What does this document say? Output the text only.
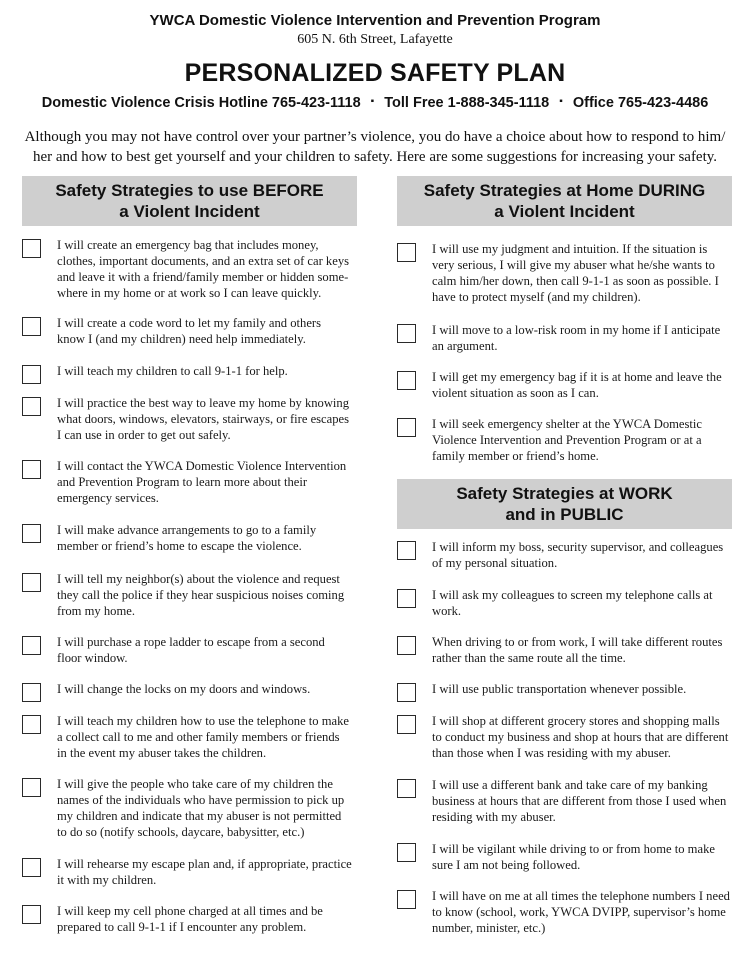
YWCA Domestic Violence Intervention and Prevention Program
605 N. 6th Street, Lafayette
PERSONALIZED SAFETY PLAN
Domestic Violence Crisis Hotline 765-423-1118 ▪ Toll Free 1-888-345-1118 ▪ Office 765-423-4486
Although you may not have control over your partner’s violence, you do have a choice about how to respond to him/ her and how to best get yourself and your children to safety. Here are some suggestions for increasing your safety.
Safety Strategies to use BEFORE
a Violent Incident
I will create an emergency bag that includes money, clothes, important documents, and an extra set of car keys and leave it with a friend/family member or hidden some-where in my home or at work so I can leave quickly.
I will create a code word to let my family and others know I (and my children) need help immediately.
I will teach my children to call 9-1-1 for help.
I will practice the best way to leave my home by knowing what doors, windows, elevators, stairways, or fire escapes I can use in order to get out safely.
I will contact the YWCA Domestic Violence Intervention and Prevention Program to learn more about their emergency services.
I will make advance arrangements to go to a family member or friend’s home to escape the violence.
I will tell my neighbor(s) about the violence and request they call the police if they hear suspicious noises coming from my home.
I will purchase a rope ladder to escape from a second floor window.
I will change the locks on my doors and windows.
I will teach my children how to use the telephone to make a collect call to me and other family members or friends in the event my abuser takes the children.
I will give the people who take care of my children the names of the individuals who have permission to pick up my children and indicate that my abuser is not permitted to do so (notify schools, daycare, babysitter, etc.)
I will rehearse my escape plan and, if appropriate, practice it with my children.
I will keep my cell phone charged at all times and be prepared to call 9-1-1 if I encounter any problem.
Safety Strategies at Home DURING
a Violent Incident
I will use my judgment and intuition. If the situation is very serious, I will give my abuser what he/she wants to calm him/her down, then call 9-1-1 as soon as possible. I have to protect myself (and my children).
I will move to a low-risk room in my home if I anticipate an argument.
I will get my emergency bag if it is at home and leave the violent situation as soon as I can.
I will seek emergency shelter at the YWCA Domestic Violence Intervention and Prevention Program or at a family member or friend’s home.
Safety Strategies at WORK
and in PUBLIC
I will inform my boss, security supervisor, and colleagues of my personal situation.
I will ask my colleagues to screen my telephone calls at work.
When driving to or from work, I will take different routes rather than the same route all the time.
I will use public transportation whenever possible.
I will shop at different grocery stores and shopping malls to conduct my business and shop at hours that are different than those when I was residing with my abuser.
I will use a different bank and take care of my banking business at hours that are different from those I used when residing with my abuser.
I will be vigilant while driving to or from home to make sure I am not being followed.
I will have on me at all times the telephone numbers I need to know (school, work, YWCA DVIPP, supervisor’s home number, minister, etc.)
